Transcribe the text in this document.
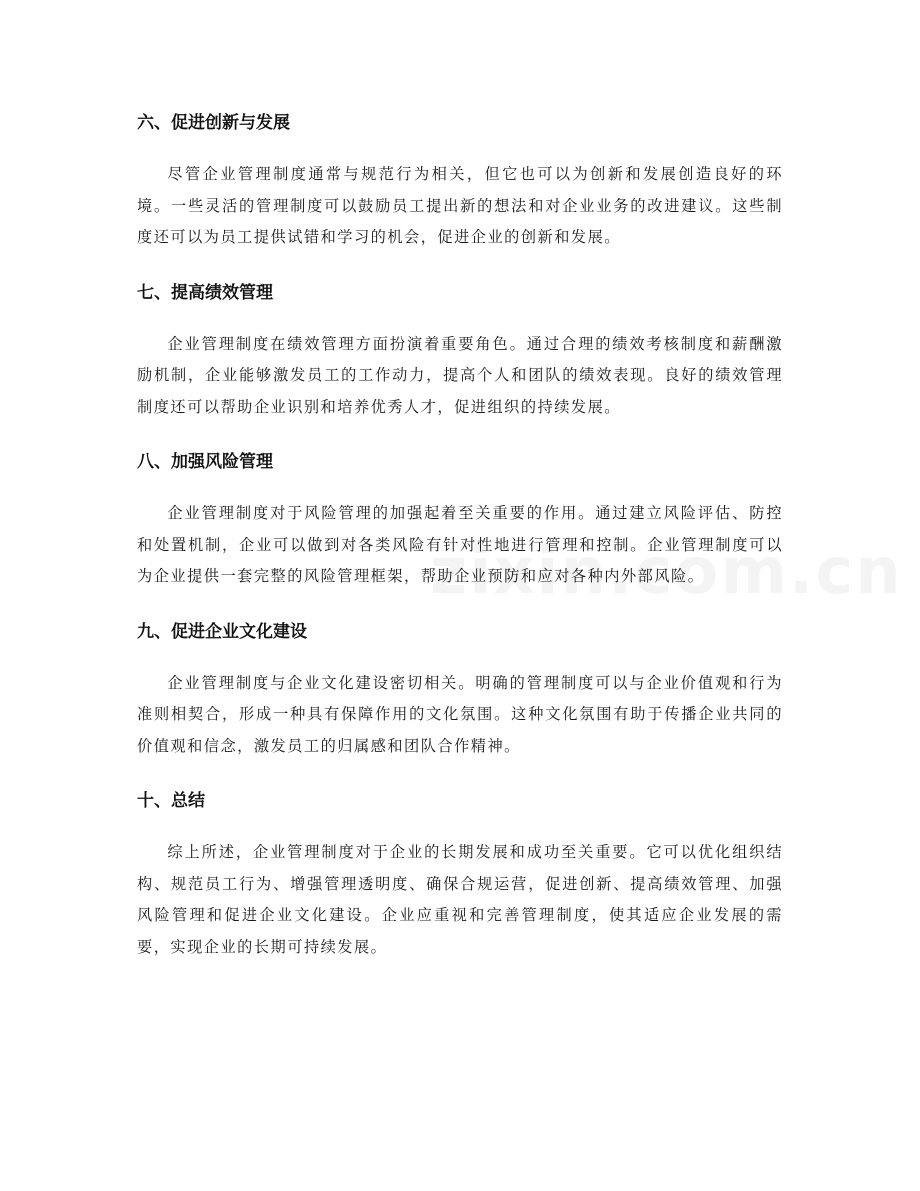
六、促进创新与发展

尽管企业管理制度通常与规范行为相关，但它也可以为创新和发展创造良好的环境。一些灵活的管理制度可以鼓励员工提出新的想法和对企业业务的改进建议。这些制度还可以为员工提供试错和学习的机会，促进企业的创新和发展。

七、提高绩效管理

企业管理制度在绩效管理方面扮演着重要角色。通过合理的绩效考核制度和薪酬激励机制，企业能够激发员工的工作动力，提高个人和团队的绩效表现。良好的绩效管理制度还可以帮助企业识别和培养优秀人才，促进组织的持续发展。

八、加强风险管理

企业管理制度对于风险管理的加强起着至关重要的作用。通过建立风险评估、防控和处置机制，企业可以做到对各类风险有针对性地进行管理和控制。企业管理制度可以为企业提供一套完整的风险管理框架，帮助企业预防和应对各种内外部风险。

九、促进企业文化建设

企业管理制度与企业文化建设密切相关。明确的管理制度可以与企业价值观和行为准则相契合，形成一种具有保障作用的文化氛围。这种文化氛围有助于传播企业共同的价值观和信念，激发员工的归属感和团队合作精神。

十、总结

综上所述，企业管理制度对于企业的长期发展和成功至关重要。它可以优化组织结构、规范员工行为、增强管理透明度、确保合规运营，促进创新、提高绩效管理、加强风险管理和促进企业文化建设。企业应重视和完善管理制度，使其适应企业发展的需要，实现企业的长期可持续发展。
